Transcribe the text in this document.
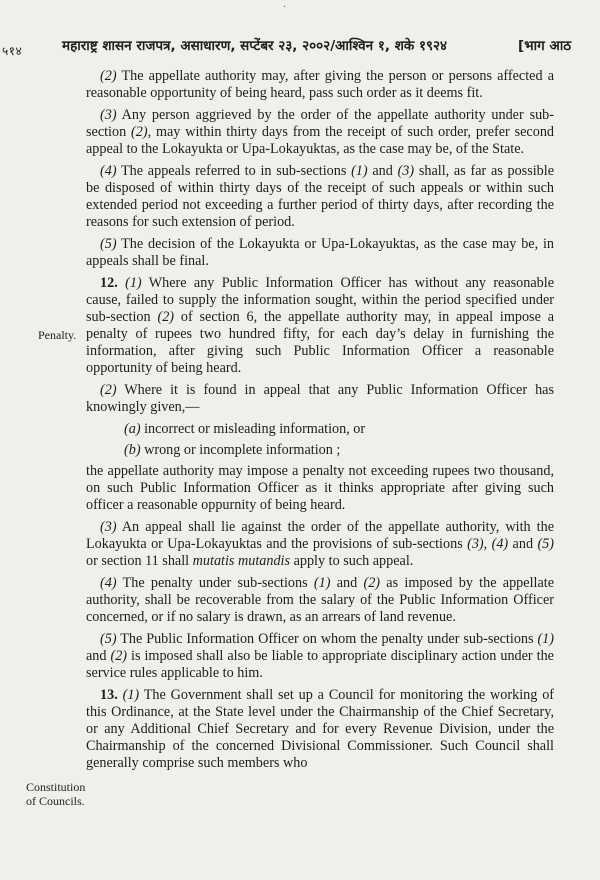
·
५१४	महाराष्ट्र शासन राजपत्र, असाधारण, सप्टेंबर २३, २००२/आश्विन १, शके १९२४	[भाग आठ
Penalty.
Constitution
of Councils.

(2) The appellate authority may, after giving the person or persons affected a reasonable opportunity of being heard, pass such order as it deems fit.

(3) Any person aggrieved by the order of the appellate authority under sub-section (2), may within thirty days from the receipt of such order, prefer second appeal to the Lokayukta or Upa-Lokayuktas, as the case may be, of the State.

(4) The appeals referred to in sub-sections (1) and (3) shall, as far as possible be disposed of within thirty days of the receipt of such appeals or within such extended period not exceeding a further period of thirty days, after recording the reasons for such extension of period.

(5) The decision of the Lokayukta or Upa-Lokayuktas, as the case may be, in appeals shall be final.

12. (1) Where any Public Information Officer has without any reasonable cause, failed to supply the information sought, within the period specified under sub-section (2) of section 6, the appellate authority may, in appeal impose a penalty of rupees two hundred fifty, for each day’s delay in furnishing the information, after giving such Public Information Officer a reasonable opportunity of being heard.

(2) Where it is found in appeal that any Public Information Officer has knowingly given,—

(a) incorrect or misleading information, or

(b) wrong or incomplete information ;

the appellate authority may impose a penalty not exceeding rupees two thousand, on such Public Information Officer as it thinks appropriate after giving such officer a reasonable oppurnity of being heard.

(3) An appeal shall lie against the order of the appellate authority, with the Lokayukta or Upa-Lokayuktas and the provisions of sub-sections (3), (4) and (5) or section 11 shall mutatis mutandis apply to such appeal.

(4) The penalty under sub-sections (1) and (2) as imposed by the appellate authority, shall be recoverable from the salary of the Public Information Officer concerned, or if no salary is drawn, as an arrears of land revenue.

(5) The Public Information Officer on whom the penalty under sub-sections (1) and (2) is imposed shall also be liable to appropriate disciplinary action under the service rules applicable to him.

13. (1) The Government shall set up a Council for monitoring the working of this Ordinance, at the State level under the Chairmanship of the Chief Secretary, or any Additional Chief Secretary and for every Revenue Division, under the Chairmanship of the concerned Divisional Commissioner. Such Council shall generally comprise such members who
